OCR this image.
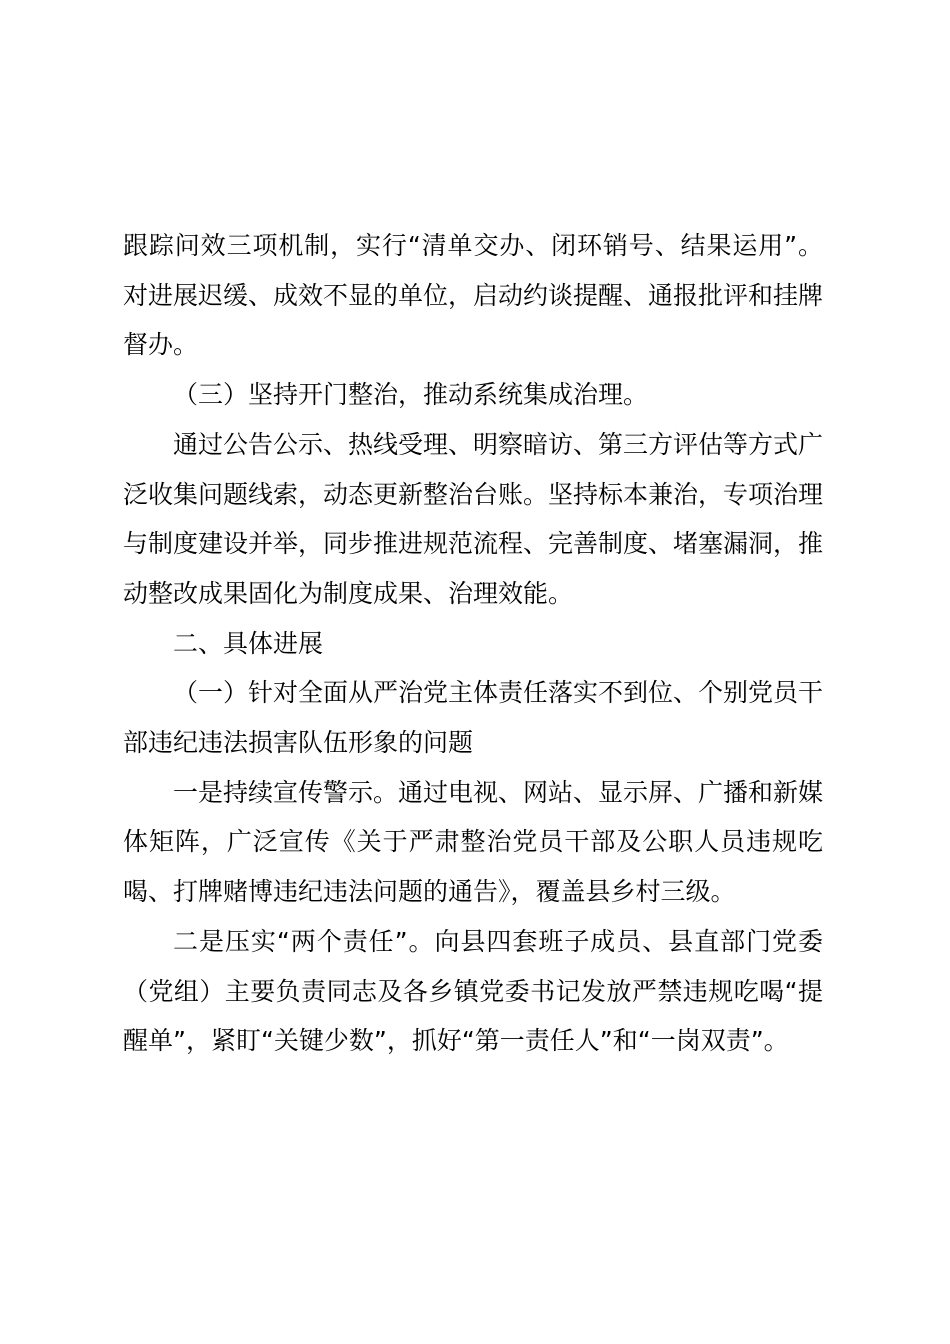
跟踪问效三项机制，实行“清单交办、闭环销号、结果运用”。对进展迟缓、成效不显的单位，启动约谈提醒、通报批评和挂牌督办。

（三）坚持开门整治，推动系统集成治理。

通过公告公示、热线受理、明察暗访、第三方评估等方式广泛收集问题线索，动态更新整治台账。坚持标本兼治，专项治理与制度建设并举，同步推进规范流程、完善制度、堵塞漏洞，推动整改成果固化为制度成果、治理效能。

二、具体进展

（一）针对全面从严治党主体责任落实不到位、个别党员干部违纪违法损害队伍形象的问题

一是持续宣传警示。通过电视、网站、显示屏、广播和新媒体矩阵，广泛宣传《关于严肃整治党员干部及公职人员违规吃喝、打牌赌博违纪违法问题的通告》，覆盖县乡村三级。

二是压实“两个责任”。向县四套班子成员、县直部门党委（党组）主要负责同志及各乡镇党委书记发放严禁违规吃喝“提醒单”，紧盯“关键少数”，抓好“第一责任人”和“一岗双责”。
